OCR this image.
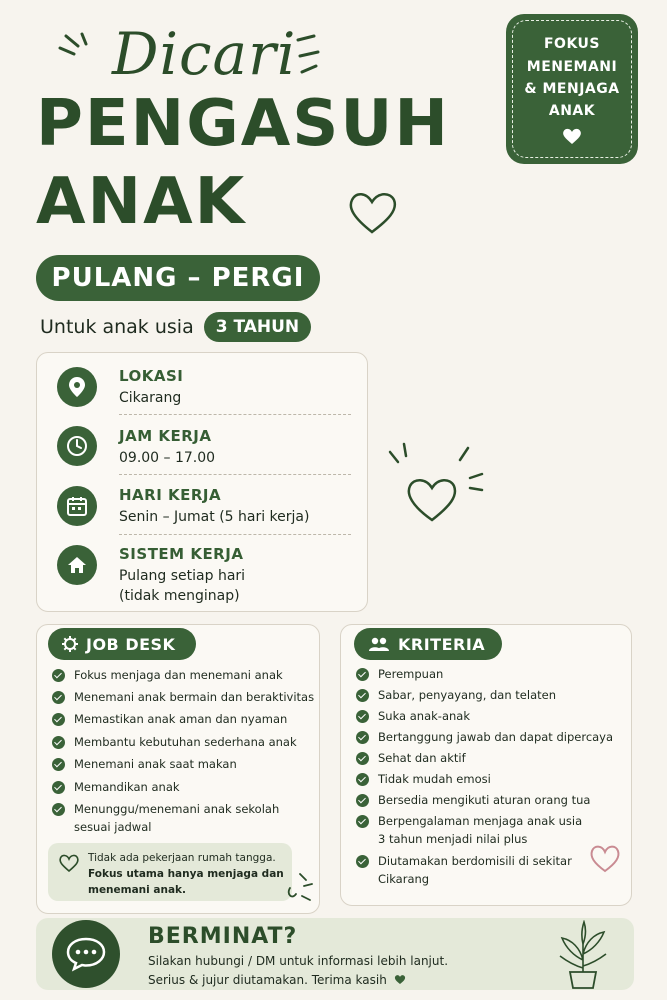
Dicari
PENGASUH
ANAK
PULANG – PERGI
Untuk anak usia	3 TAHUN
FOKUS
MENEMANI
& MENJAGA
ANAK
LOKASI
Cikarang
JAM KERJA
09.00 – 17.00
HARI KERJA
Senin – Jumat (5 hari kerja)
SISTEM KERJA
Pulang setiap hari
(tidak menginap)
JOB DESK
Fokus menjaga dan menemani anak
Menemani anak bermain dan beraktivitas
Memastikan anak aman dan nyaman
Membantu kebutuhan sederhana anak
Menemani anak saat makan
Memandikan anak
Menunggu/menemani anak sekolah
sesuai jadwal
Tidak ada pekerjaan rumah tangga.
Fokus utama hanya menjaga dan
menemani anak.
KRITERIA
Perempuan
Sabar, penyayang, dan telaten
Suka anak-anak
Bertanggung jawab dan dapat dipercaya
Sehat dan aktif
Tidak mudah emosi
Bersedia mengikuti aturan orang tua
Berpengalaman menjaga anak usia
3 tahun menjadi nilai plus
Diutamakan berdomisili di sekitar
Cikarang
BERMINAT?
Silakan hubungi / DM untuk informasi lebih lanjut.
Serius & jujur diutamakan. Terima kasih
